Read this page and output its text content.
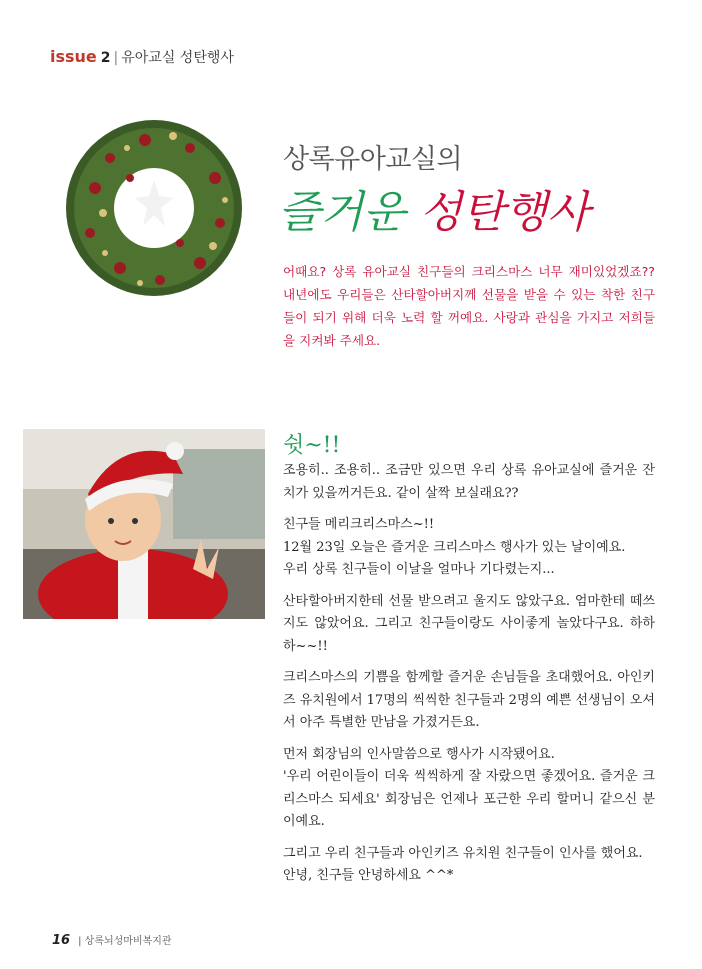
issue 2 | 유아교실 성탄행사
상록유아교실의
즐거운 성탄행사
어때요? 상록 유아교실 친구들의 크리스마스 너무 재미있었겠죠?? 내년에도 우리들은 산타할아버지께 선물을 받을 수 있는 착한 친구들이 되기 위해 더욱 노력 할 꺼예요. 사랑과 관심을 가지고 저희들을 지켜봐 주세요.
쉿~!!

조용히.. 조용히.. 조금만 있으면 우리 상록 유아교실에 즐거운 잔치가 있을꺼거든요. 같이 살짝 보실래요??

친구들 메리크리스마스~!!
12월 23일 오늘은 즐거운 크리스마스 행사가 있는 날이예요.
우리 상록 친구들이 이날을 얼마나 기다렸는지...

산타할아버지한테 선물 받으려고 울지도 않았구요. 엄마한테 떼쓰지도 않았어요. 그리고 친구들이랑도 사이좋게 놀았다구요. 하하하~~!!

크리스마스의 기쁨을 함께할 즐거운 손님들을 초대했어요. 아인키즈 유치원에서 17명의 씩씩한 친구들과 2명의 예쁜 선생님이 오셔서 아주 특별한 만남을 가졌거든요.

먼저 회장님의 인사말씀으로 행사가 시작됐어요.
'우리 어린이들이 더욱 씩씩하게 잘 자랐으면 좋겠어요. 즐거운 크리스마스 되세요' 회장님은 언제나 포근한 우리 할머니 같으신 분이예요.

그리고 우리 친구들과 아인키즈 유치원 친구들이 인사를 했어요.
안녕, 친구들 안녕하세요 ^^*

16 | 상록뇌성마비복지관
